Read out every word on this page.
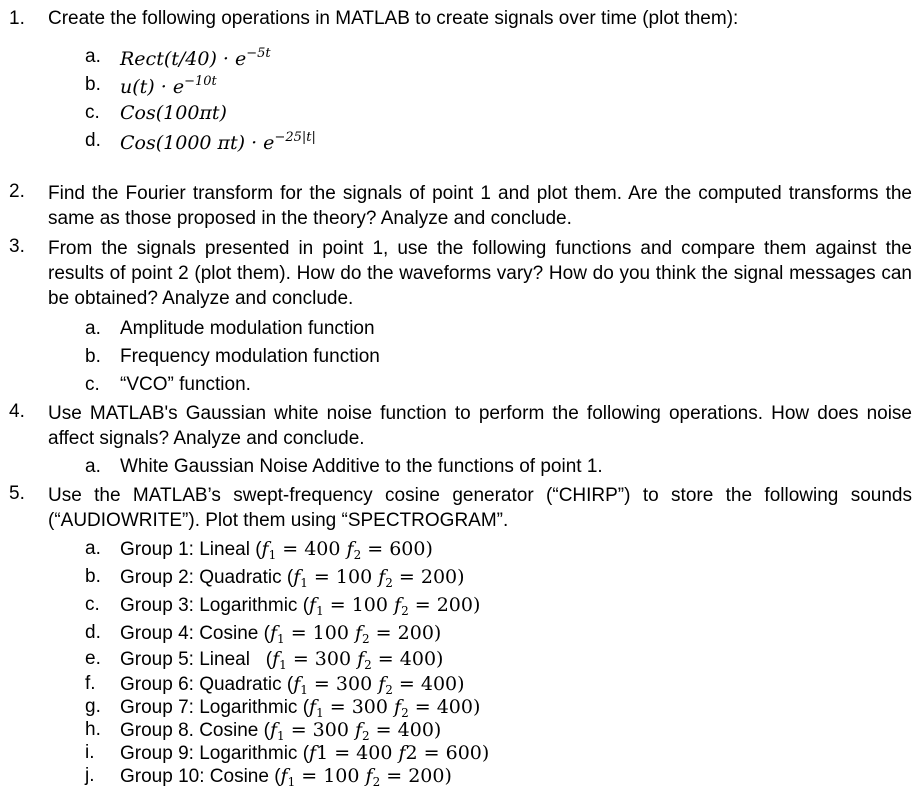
1. Create the following operations in MATLAB to create signals over time (plot them):
a. Rect(t/40) · $e^{-5t}$
b. $u(t) \cdot e^{-10t}$
c. Cos(100πt)
d. Cos(1000 $\pi t) \cdot e^{-25|t|}$
2. Find the Fourier transform for the signals of point 1 and plot them. Are the computed transforms the same as those proposed in the theory? Analyze and conclude.
3. From the signals presented in point 1, use the following functions and compare them against the results of point 2 (plot them). How do the waveforms vary? How do you think the signal messages can be obtained? Analyze and conclude.
a. Amplitude modulation function
b. Frequency modulation function
c. “VCO” function.
4. Use MATLAB's Gaussian white noise function to perform the following operations. How does noise affect signals? Analyze and conclude.
a. White Gaussian Noise Additive to the functions of point 1.
5. Use the MATLAB’s swept-frequency cosine generator (“CHIRP”) to store the following sounds (“AUDIOWRITE”). Plot them using “SPECTROGRAM”.
a. Group 1: Lineal ($f_1 = 400$ $f_2 = 600$)
b. Group 2: Quadratic ($f_1 = 100$ $f_2 = 200$)
c. Group 3: Logarithmic ($f_1 = 100$ $f_2 = 200$)
d. Group 4: Cosine ($f_1 = 100$ $f_2 = 200$)
e. Group 5: Lineal   ($f_1 = 300$ $f_2 = 400$)
f. Group 6: Quadratic ($f_1 = 300$ $f_2 = 400$)
g. Group 7: Logarithmic ($f_1 = 300$ $f_2 = 400$)
h. Group 8. Cosine ($f_1 = 300$ $f_2 = 400$)
i. Group 9: Logarithmic (f1 = 400 f2 = 600)
j. Group 10: Cosine ($f_1 = 100$ $f_2 = 200$)
